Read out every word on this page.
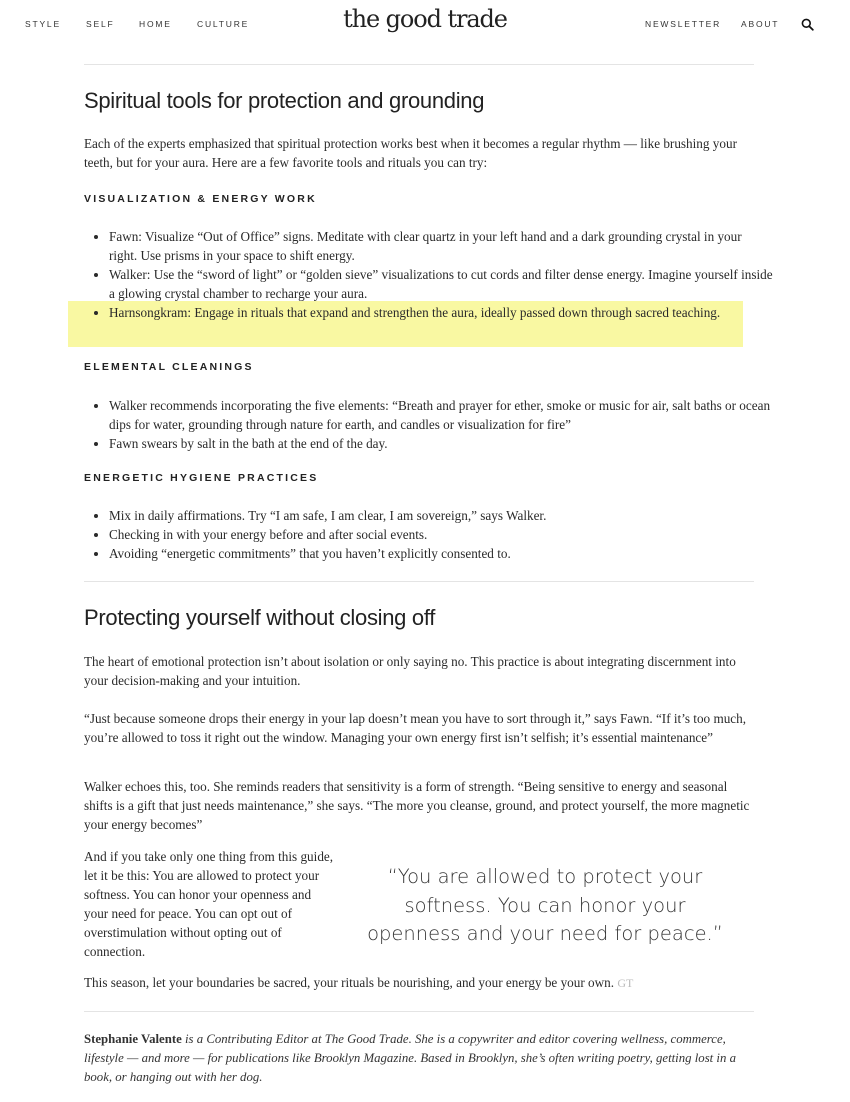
STYLE	SELF	HOME	CULTURE	the good trade	NEWSLETTER ABOUT
Spiritual tools for protection and grounding
Each of the experts emphasized that spiritual protection works best when it becomes a regular rhythm — like brushing your teeth, but for your aura. Here are a few favorite tools and rituals you can try:
VISUALIZATION & ENERGY WORK
• Fawn: Visualize “Out of Office” signs. Meditate with clear quartz in your left hand and a dark grounding crystal in your right. Use prisms in your space to shift energy.
• Walker: Use the “sword of light” or “golden sieve” visualizations to cut cords and filter dense energy. Imagine yourself inside a glowing crystal chamber to recharge your aura.
• Harnsongkram: Engage in rituals that expand and strengthen the aura, ideally passed down through sacred teaching.
ELEMENTAL CLEANINGS
• Walker recommends incorporating the five elements: “Breath and prayer for ether, smoke or music for air, salt baths or ocean dips for water, grounding through nature for earth, and candles or visualization for fire”
• Fawn swears by salt in the bath at the end of the day.
ENERGETIC HYGIENE PRACTICES
• Mix in daily affirmations. Try “I am safe, I am clear, I am sovereign,” says Walker.
• Checking in with your energy before and after social events.
• Avoiding “energetic commitments” that you haven’t explicitly consented to.
Protecting yourself without closing off
The heart of emotional protection isn’t about isolation or only saying no. This practice is about integrating discernment into your decision-making and your intuition.
“Just because someone drops their energy in your lap doesn’t mean you have to sort through it,” says Fawn. “If it’s too much, you’re allowed to toss it right out the window. Managing your own energy first isn’t selfish; it’s essential maintenance”
Walker echoes this, too. She reminds readers that sensitivity is a form of strength. “Being sensitive to energy and seasonal shifts is a gift that just needs maintenance,” she says. “The more you cleanse, ground, and protect yourself, the more magnetic your energy becomes”
And if you take only one thing from this guide, let it be this: You are allowed to protect your softness. You can honor your openness and your need for peace. You can opt out of overstimulation without opting out of connection.
“You are allowed to protect your softness. You can honor your openness and your need for peace.”
This season, let your boundaries be sacred, your rituals be nourishing, and your energy be your own. GT
Stephanie Valente is a Contributing Editor at The Good Trade. She is a copywriter and editor covering wellness, commerce, lifestyle — and more — for publications like Brooklyn Magazine. Based in Brooklyn, she’s often writing poetry, getting lost in a book, or hanging out with her dog.
